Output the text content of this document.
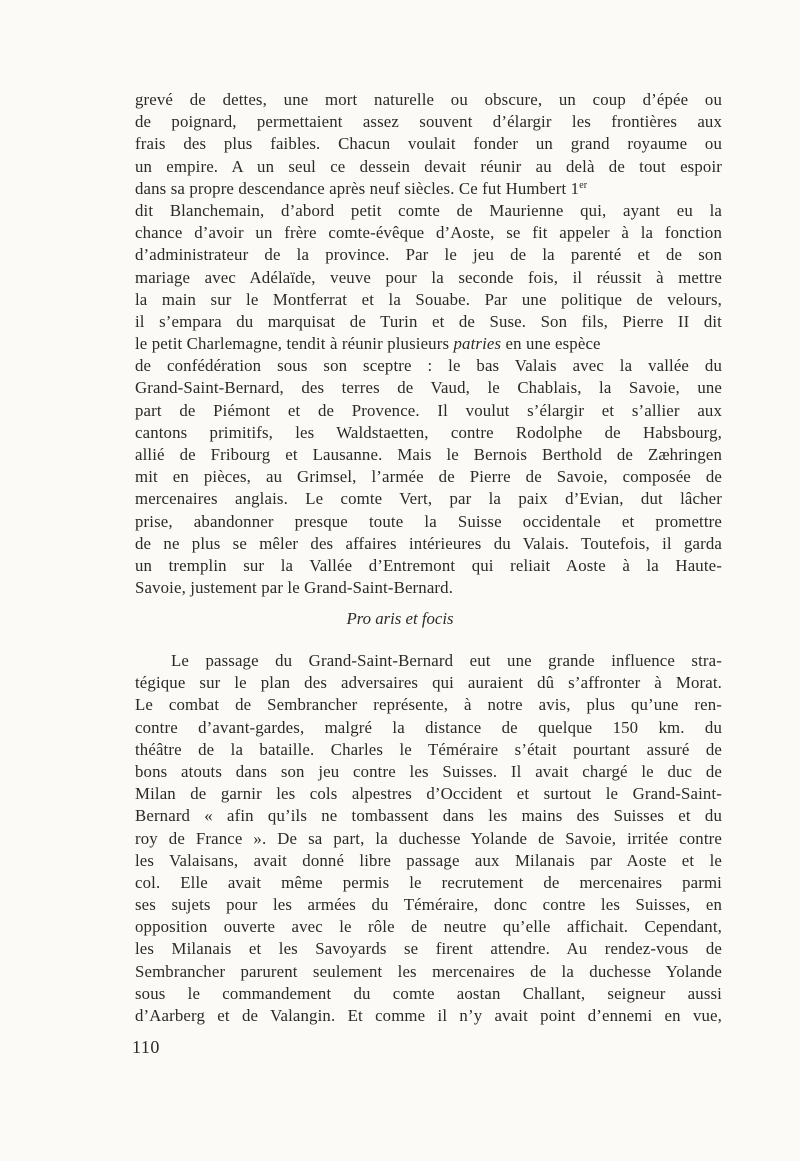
grevé de dettes, une mort naturelle ou obscure, un coup d’épée ou
de poignard, permettaient assez souvent d’élargir les frontières aux
frais des plus faibles. Chacun voulait fonder un grand royaume ou
un empire. A un seul ce dessein devait réunir au delà de tout espoir
dans sa propre descendance après neuf siècles. Ce fut Humbert 1er
dit Blanchemain, d’abord petit comte de Maurienne qui, ayant eu la
chance d’avoir un frère comte-évêque d’Aoste, se fit appeler à la fonction
d’administrateur de la province. Par le jeu de la parenté et de son
mariage avec Adélaïde, veuve pour la seconde fois, il réussit à mettre
la main sur le Montferrat et la Souabe. Par une politique de velours,
il s’empara du marquisat de Turin et de Suse. Son fils, Pierre II dit
le petit Charlemagne, tendit à réunir plusieurs patries en une espèce
de confédération sous son sceptre : le bas Valais avec la vallée du
Grand-Saint-Bernard, des terres de Vaud, le Chablais, la Savoie, une
part de Piémont et de Provence. Il voulut s’élargir et s’allier aux
cantons primitifs, les Waldstaetten, contre Rodolphe de Habsbourg,
allié de Fribourg et Lausanne. Mais le Bernois Berthold de Zæhringen
mit en pièces, au Grimsel, l’armée de Pierre de Savoie, composée de
mercenaires anglais. Le comte Vert, par la paix d’Evian, dut lâcher
prise, abandonner presque toute la Suisse occidentale et promettre
de ne plus se mêler des affaires intérieures du Valais. Toutefois, il garda
un tremplin sur la Vallée d’Entremont qui reliait Aoste à la Haute-
Savoie, justement par le Grand-Saint-Bernard.
Pro aris et focis
Le passage du Grand-Saint-Bernard eut une grande influence stra-
tégique sur le plan des adversaires qui auraient dû s’affronter à Morat.
Le combat de Sembrancher représente, à notre avis, plus qu’une ren-
contre d’avant-gardes, malgré la distance de quelque 150 km. du
théâtre de la bataille. Charles le Téméraire s’était pourtant assuré de
bons atouts dans son jeu contre les Suisses. Il avait chargé le duc de
Milan de garnir les cols alpestres d’Occident et surtout le Grand-Saint-
Bernard « afin qu’ils ne tombassent dans les mains des Suisses et du
roy de France ». De sa part, la duchesse Yolande de Savoie, irritée contre
les Valaisans, avait donné libre passage aux Milanais par Aoste et le
col. Elle avait même permis le recrutement de mercenaires parmi
ses sujets pour les armées du Téméraire, donc contre les Suisses, en
opposition ouverte avec le rôle de neutre qu’elle affichait. Cependant,
les Milanais et les Savoyards se firent attendre. Au rendez-vous de
Sembrancher parurent seulement les mercenaires de la duchesse Yolande
sous le commandement du comte aostan Challant, seigneur aussi
d’Aarberg et de Valangin. Et comme il n’y avait point d’ennemi en vue,
110
